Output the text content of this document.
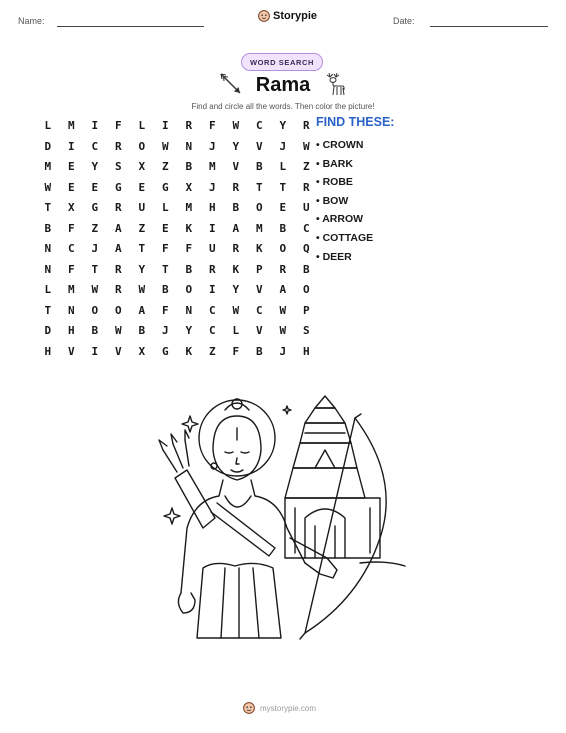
Name:	Storypie	Date:
WORD SEARCH
Rama
Find and circle all the words. Then color the picture!
L	M	I	F	L	I	R	F	W	C	Y	R
D	I	C	R	O	W	N	J	Y	V	J	W
M	E	Y	S	X	Z	B	M	V	B	L	Z
W	E	E	G	E	G	X	J	R	T	T	R
T	X	G	R	U	L	M	H	B	O	E	U
B	F	Z	A	Z	E	K	I	A	M	B	C
N	C	J	A	T	F	F	U	R	K	O	Q
N	F	T	R	Y	T	B	R	K	P	R	B
L	M	W	R	W	B	O	I	Y	V	A	O
T	N	O	O	A	F	N	C	W	C	W	P
D	H	B	W	B	J	Y	C	L	V	W	S
H	V	I	V	X	G	K	Z	F	B	J	H
FIND THESE:
• CROWN
• BARK
• ROBE
• BOW
• ARROW
• COTTAGE
• DEER
mystorypie.com
